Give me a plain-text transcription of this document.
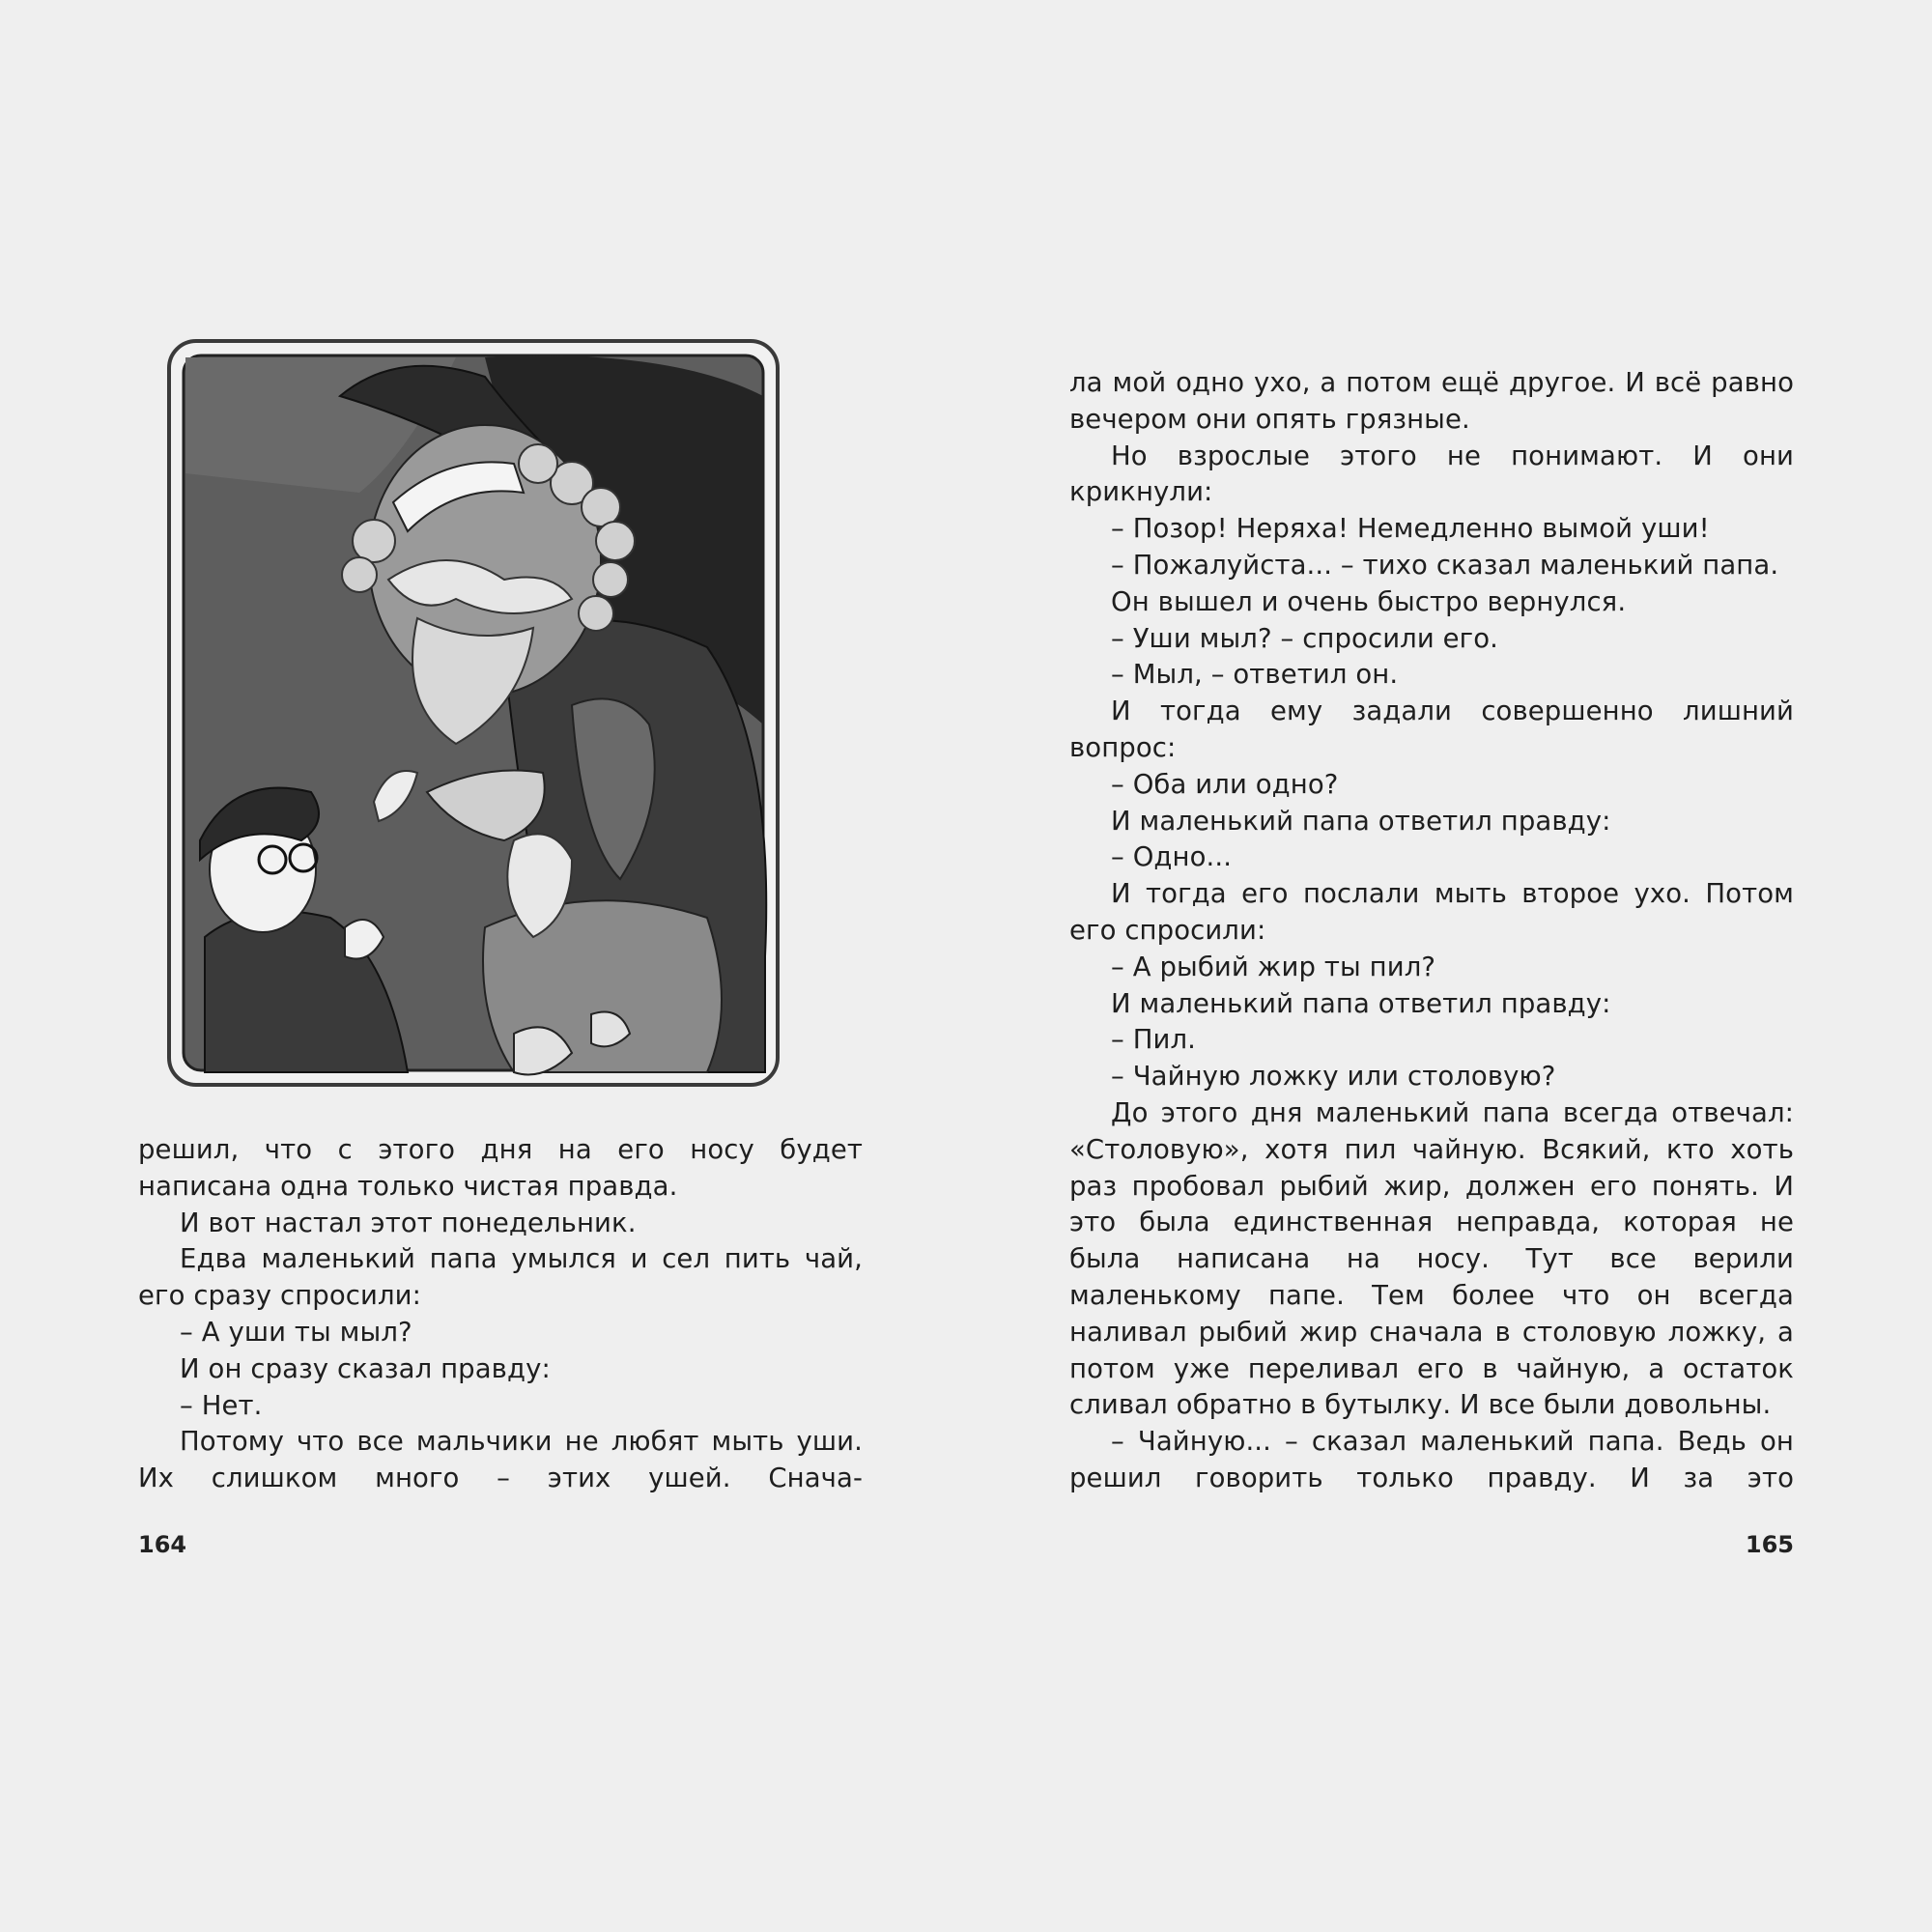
решил, что с этого дня на его носу будет написана одна только чистая правда.

И вот настал этот понедельник.

Едва маленький папа умылся и сел пить чай, его сразу спросили:

– А уши ты мыл?

И он сразу сказал правду:

– Нет.

Потому что все мальчики не любят мыть уши. Их слишком много – этих ушей. Снача-

164

ла мой одно ухо, а потом ещё другое. И всё равно вечером они опять грязные.

Но взрослые этого не понимают. И они крикнули:

– Позор! Неряха! Немедленно вымой уши!

– Пожалуйста... – тихо сказал маленький папа.

Он вышел и очень быстро вернулся.

– Уши мыл? – спросили его.

– Мыл, – ответил он.

И тогда ему задали совершенно лишний вопрос:

– Оба или одно?

И маленький папа ответил правду:

– Одно...

И тогда его послали мыть второе ухо. Потом его спросили:

– А рыбий жир ты пил?

И маленький папа ответил правду:

– Пил.

– Чайную ложку или столовую?

До этого дня маленький папа всегда отвечал: «Столовую», хотя пил чайную. Всякий, кто хоть раз пробовал рыбий жир, должен его понять. И это была единственная неправда, которая не была написана на носу. Тут все верили маленькому папе. Тем более что он всегда наливал рыбий жир сначала в столовую ложку, а потом уже переливал его в чайную, а остаток сливал обратно в бутылку. И все были довольны.

– Чайную... – сказал маленький папа. Ведь он решил говорить только правду. И за это

165
